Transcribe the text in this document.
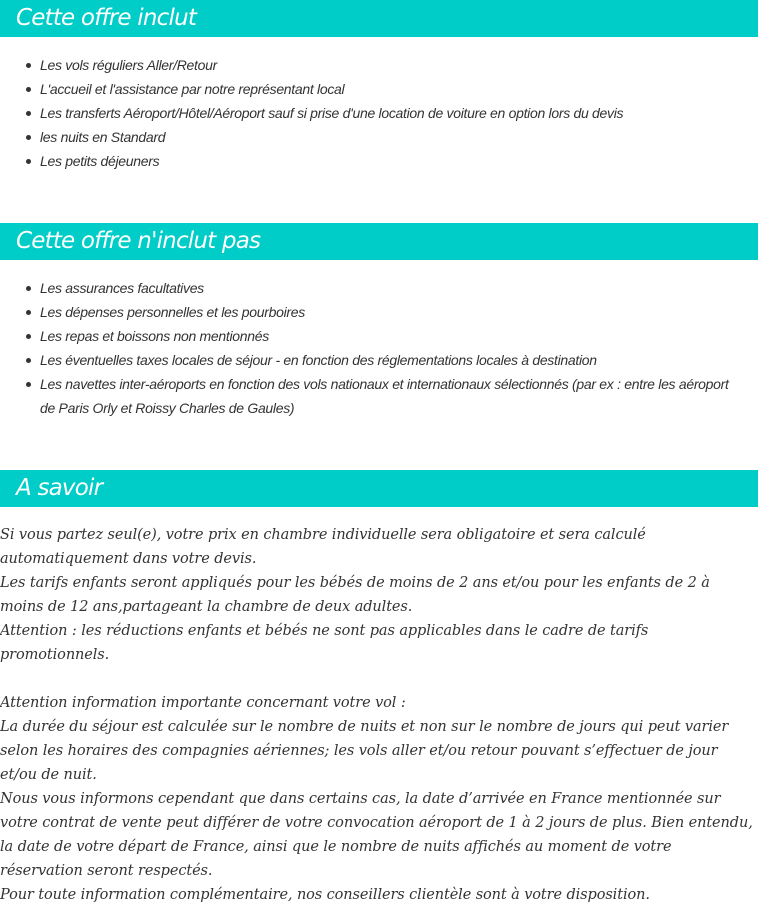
Cette offre inclut
Les vols réguliers Aller/Retour
L'accueil et l'assistance par notre représentant local
Les transferts Aéroport/Hôtel/Aéroport sauf si prise d'une location de voiture en option lors du devis
les nuits en Standard
Les petits déjeuners
Cette offre n'inclut pas
Les assurances facultatives
Les dépenses personnelles et les pourboires
Les repas et boissons non mentionnés
Les éventuelles taxes locales de séjour - en fonction des réglementations locales à destination
Les navettes inter-aéroports en fonction des vols nationaux et internationaux sélectionnés (par ex : entre les aéroport de Paris Orly et Roissy Charles de Gaules)
A savoir

Si vous partez seul(e), votre prix en chambre individuelle sera obligatoire et sera calculé automatiquement dans votre devis.

Les tarifs enfants seront appliqués pour les bébés de moins de 2 ans et/ou pour les enfants de 2 à moins de 12 ans,partageant la chambre de deux adultes.

Attention : les réductions enfants et bébés ne sont pas applicables dans le cadre de tarifs promotionnels.

Attention information importante concernant votre vol :

La durée du séjour est calculée sur le nombre de nuits et non sur le nombre de jours qui peut varier selon les horaires des compagnies aériennes; les vols aller et/ou retour pouvant s’effectuer de jour et/ou de nuit.

Nous vous informons cependant que dans certains cas, la date d’arrivée en France mentionnée sur votre contrat de vente peut différer de votre convocation aéroport de 1 à 2 jours de plus. Bien entendu, la date de votre départ de France, ainsi que le nombre de nuits affichés au moment de votre réservation seront respectés.

Pour toute information complémentaire, nos conseillers clientèle sont à votre disposition.
